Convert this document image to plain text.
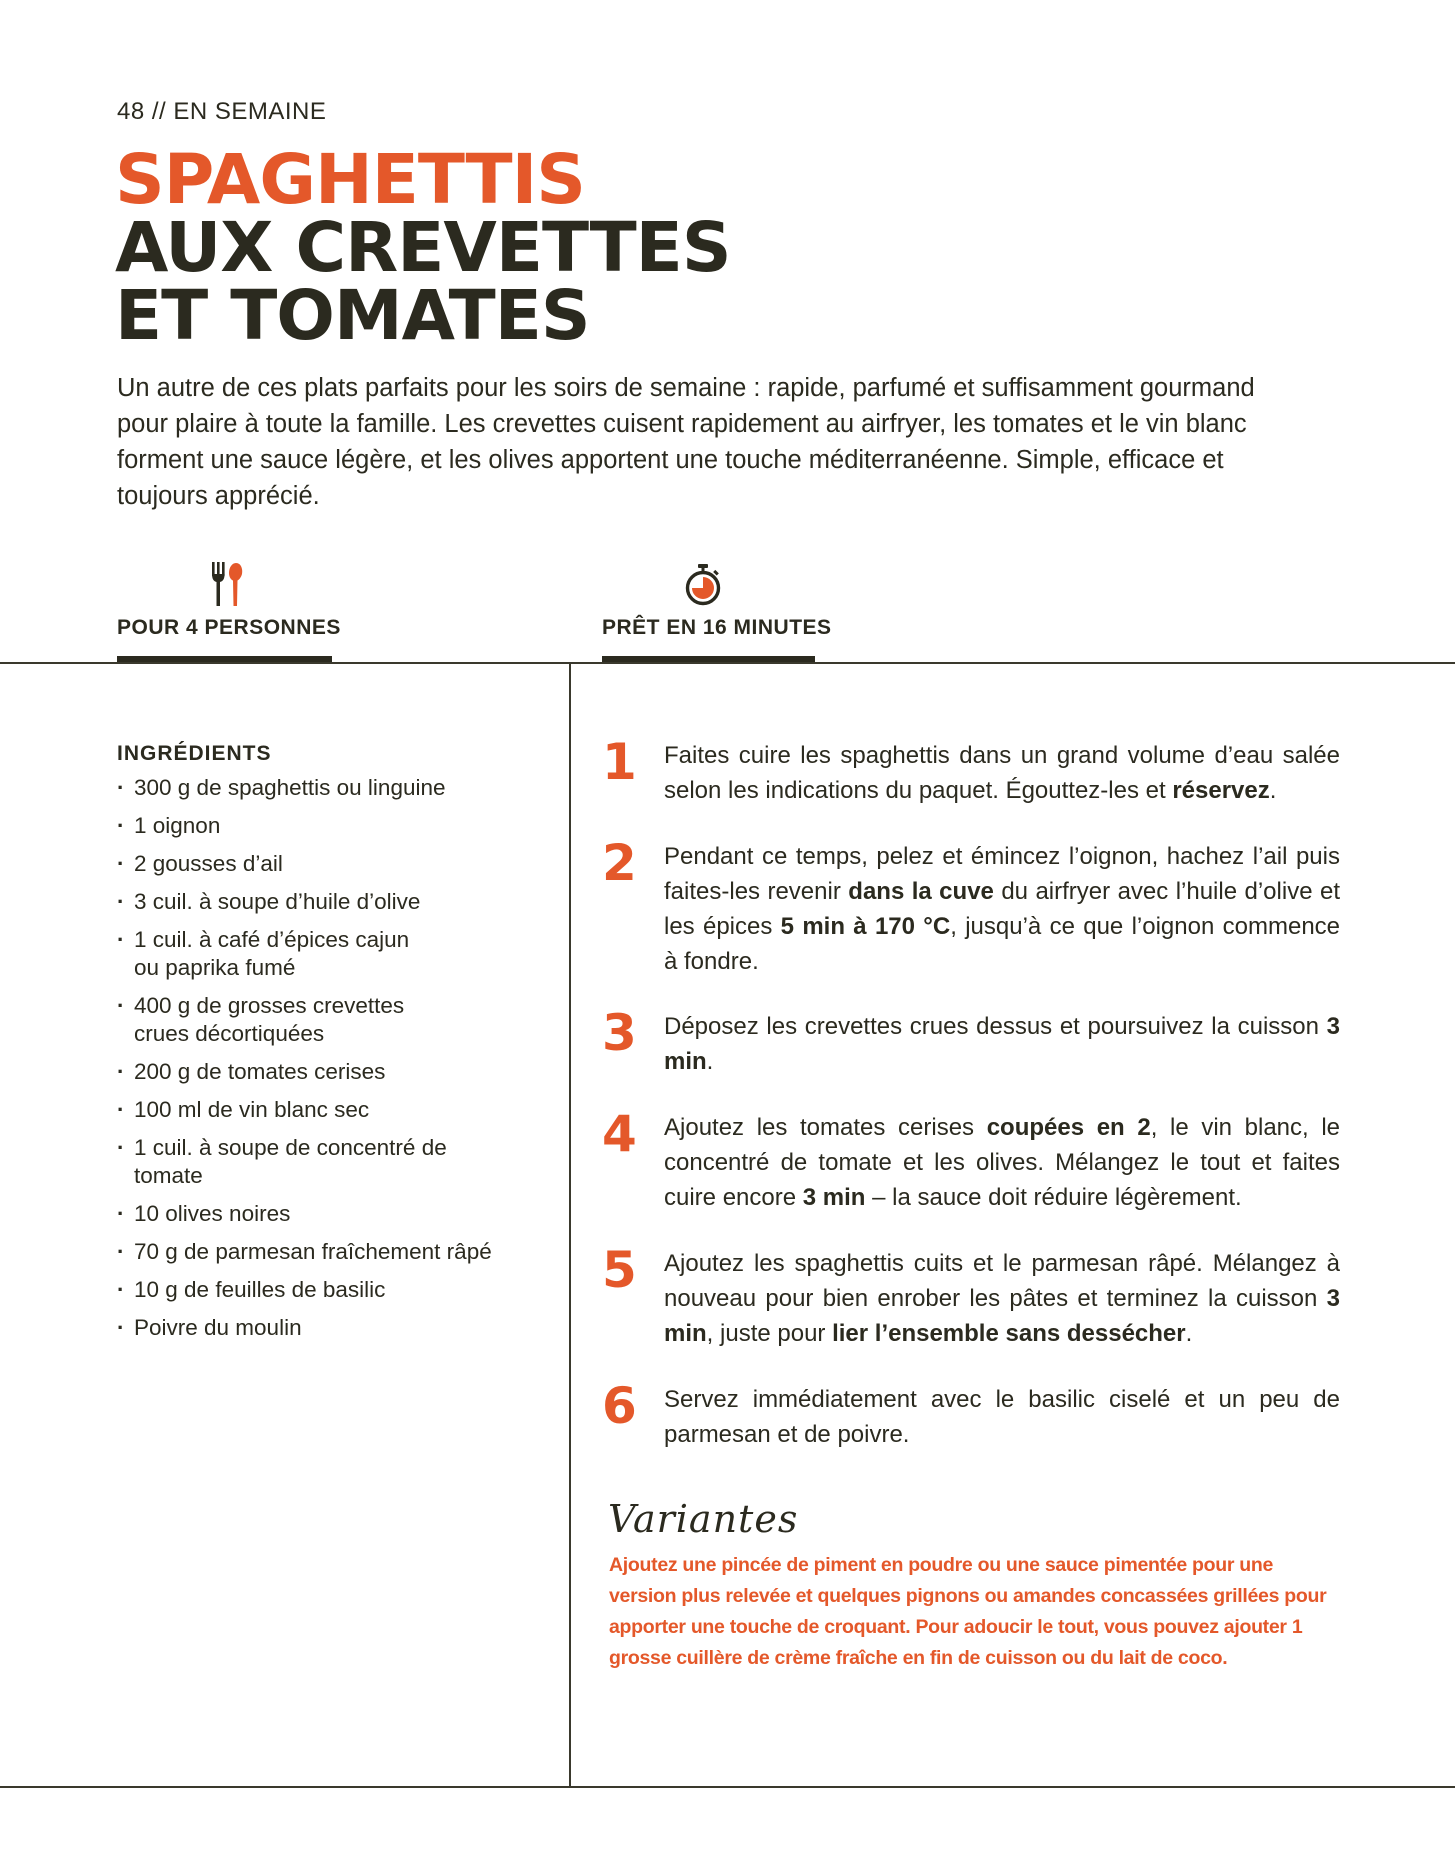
48 // EN SEMAINE
SPAGHETTIS
AUX CREVETTES
ET TOMATES
Un autre de ces plats parfaits pour les soirs de semaine : rapide, parfumé et suffisamment gourmand pour plaire à toute la famille. Les crevettes cuisent rapidement au airfryer, les tomates et le vin blanc forment une sauce légère, et les olives apportent une touche méditerranéenne. Simple, efficace et toujours apprécié.
POUR 4 PERSONNES	PRÊT EN 16 MINUTES
INGRÉDIENTS
· 300 g de spaghettis ou linguine
· 1 oignon
· 2 gousses d’ail
· 3 cuil. à soupe d’huile d’olive
· 1 cuil. à café d’épices cajun ou paprika fumé
· 400 g de grosses crevettes crues décortiquées
· 200 g de tomates cerises
· 100 ml de vin blanc sec
· 1 cuil. à soupe de concentré de tomate
· 10 olives noires
· 70 g de parmesan fraîchement râpé
· 10 g de feuilles de basilic
· Poivre du moulin
1	Faites cuire les spaghettis dans un grand volume d’eau salée selon les indications du paquet. Égouttez-les et réservez.
2	Pendant ce temps, pelez et émincez l’oignon, hachez l’ail puis faites-les revenir dans la cuve du airfryer avec l’huile d’olive et les épices 5 min à 170 °C, jusqu’à ce que l’oignon commence à fondre.
3	Déposez les crevettes crues dessus et poursuivez la cuisson 3 min.
4	Ajoutez les tomates cerises coupées en 2, le vin blanc, le concentré de tomate et les olives. Mélangez le tout et faites cuire encore 3 min – la sauce doit réduire légèrement.
5	Ajoutez les spaghettis cuits et le parmesan râpé. Mélangez à nouveau pour bien enrober les pâtes et terminez la cuisson 3 min, juste pour lier l’ensemble sans dessécher.
6	Servez immédiatement avec le basilic ciselé et un peu de parmesan et de poivre.
Variantes
Ajoutez une pincée de piment en poudre ou une sauce pimentée pour une version plus relevée et quelques pignons ou amandes concassées grillées pour apporter une touche de croquant. Pour adoucir le tout, vous pouvez ajouter 1 grosse cuillère de crème fraîche en fin de cuisson ou du lait de coco.
